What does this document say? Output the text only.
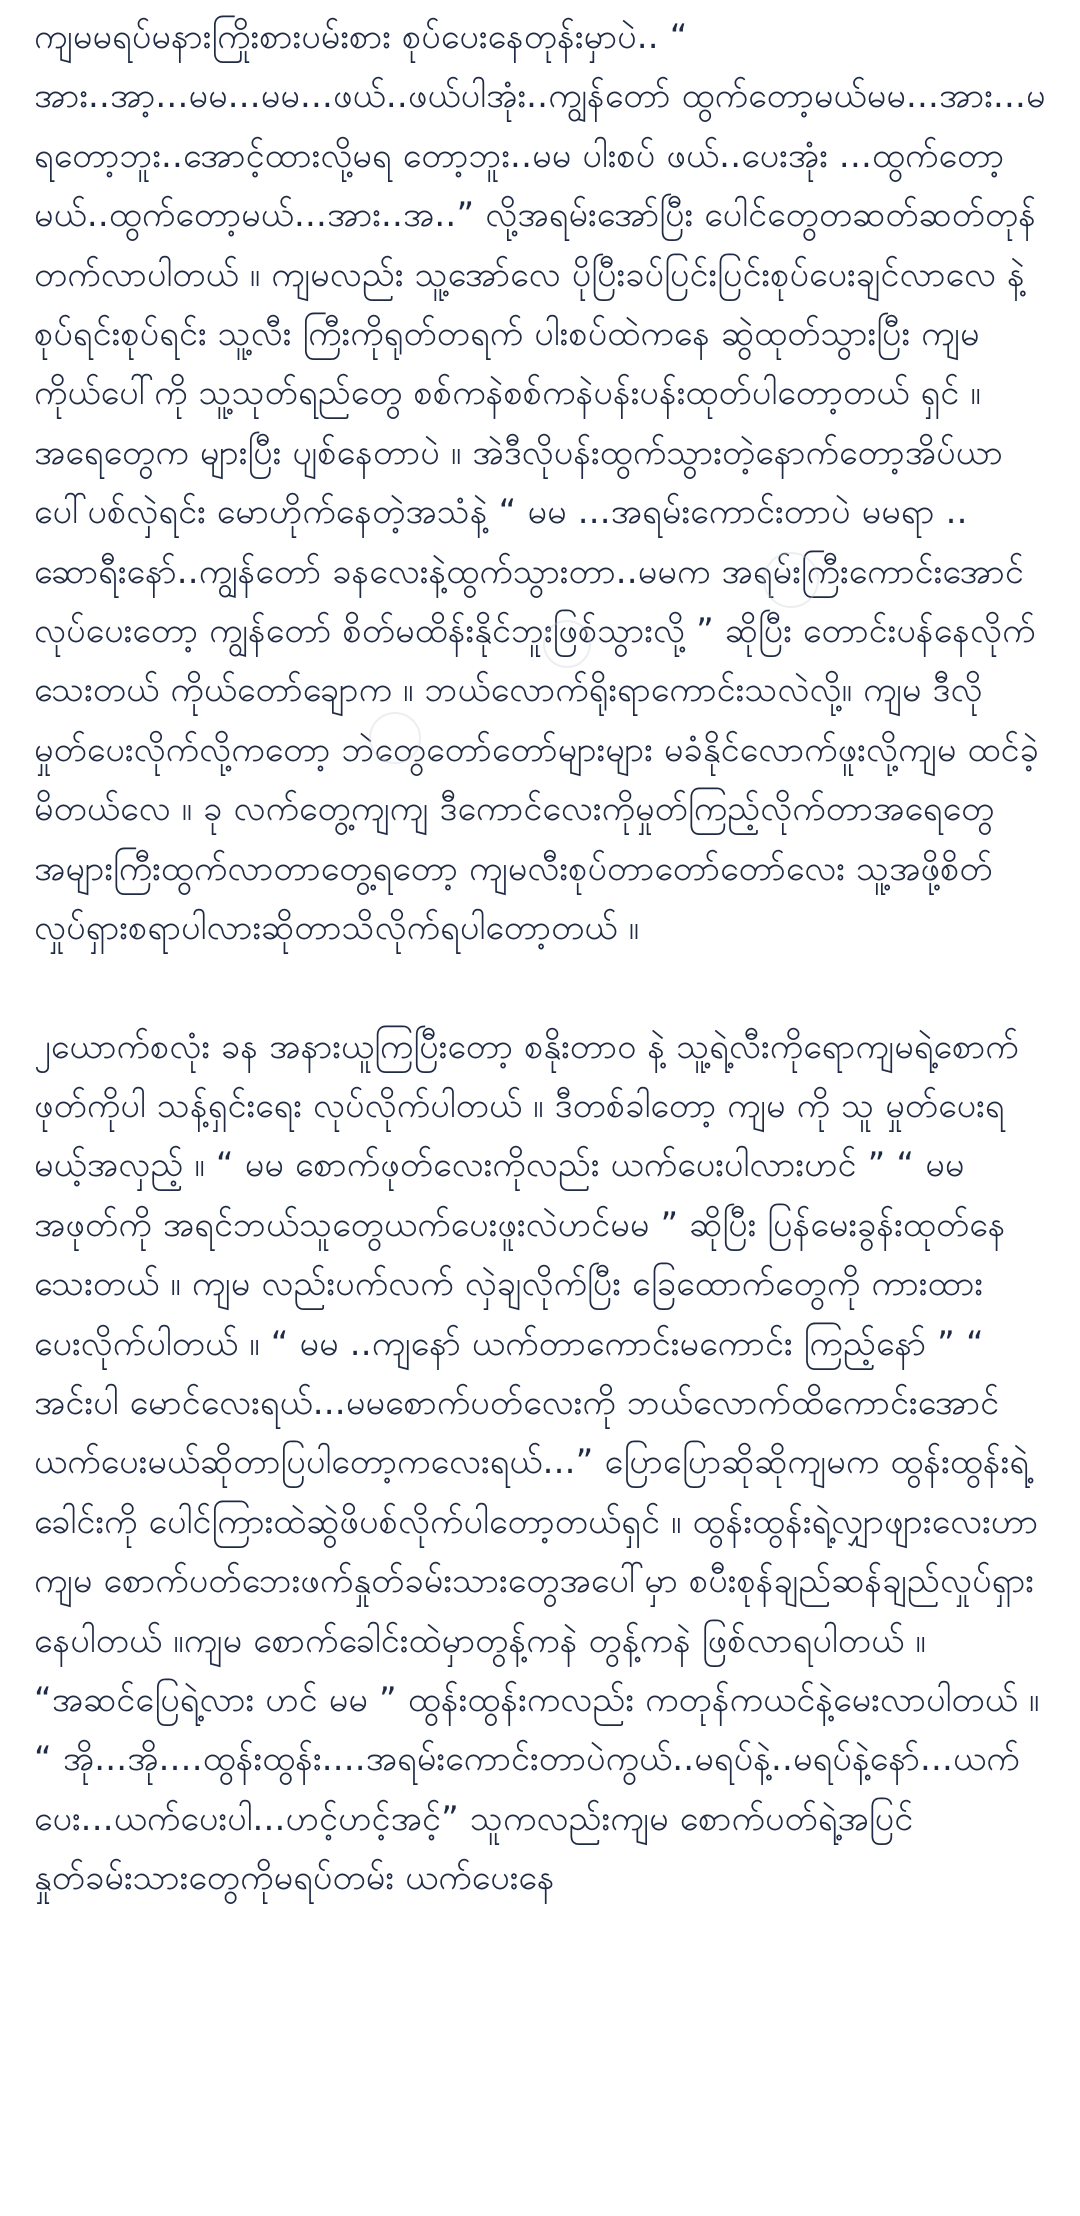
ကျမမရပ်မနားကြိုးစားပမ်းစား စုပ်ပေးနေတုန်းမှာပဲ.. “ အား..အာ့...မမ...မမ...ဖယ်..ဖယ်ပါအုံး..ကျွန်တော် ထွက်တော့မယ်မမ...အား...မရတော့ဘူး..အောင့်ထားလို့မရ တော့ဘူး..မမ ပါးစပ် ဖယ်..ပေးအုံး ...ထွက်တော့မယ်..ထွက်တော့မယ်...အား..အ..” လို့အရမ်းအော်ပြီး ပေါင်တွေတဆတ်ဆတ်တုန်တက်လာပါတယ် ။ ကျမလည်း သူ့အော်လေ ပိုပြီးခပ်ပြင်းပြင်းစုပ်ပေးချင်လာလေ နဲ့စုပ်ရင်းစုပ်ရင်း သူ့လီး ကြီးကိုရုတ်တရက် ပါးစပ်ထဲကနေ ဆွဲထုတ်သွားပြီး ကျမ ကိုယ်ပေါ်ကို သူ့သုတ်ရည်တွေ စစ်ကနဲစစ်ကနဲပန်းပန်းထုတ်ပါတော့တယ် ရှင် ။ အရေတွေက များပြီး ပျစ်နေတာပဲ ။ အဲဒီလိုပန်းထွက်သွားတဲ့နောက်တော့အိပ်ယာပေါ်ပစ်လှဲရင်း မောဟိုက်နေတဲ့အသံနဲ့ “ မမ ...အရမ်းကောင်းတာပဲ မမရာ .. ဆောရီးနော်..ကျွန်တော် ခနလေးနဲ့ထွက်သွားတာ..မမက အရမ်းကြီးကောင်းအောင်လုပ်ပေးတော့ ကျွန်တော် စိတ်မထိန်းနိုင်ဘူးဖြစ်သွားလို့ ” ဆိုပြီး တောင်းပန်နေလိုက်သေးတယ် ကိုယ်တော်ချောက ။ ဘယ်လောက်ရိုးရာကောင်းသလဲလို့။ ကျမ ဒီလို မှုတ်ပေးလိုက်လို့ကတော့ ဘဲတွေတော်တော်များများ မခံနိုင်လောက်ဖူးလို့ကျမ ထင်ခဲ့မိတယ်လေ ။ ခု လက်တွေ့ကျကျ ဒီကောင်လေးကိုမှုတ်ကြည့်လိုက်တာအရေတွေအများကြီးထွက်လာတာတွေ့ရတော့ ကျမလီးစုပ်တာတော်တော်လေး သူ့အဖို့စိတ် လှုပ်ရှားစရာပါလားဆိုတာသိလိုက်ရပါတော့တယ် ။

၂ယောက်စလုံး ခန အနားယူကြပြီးတော့ စနိုးတာ၀ နဲ့ သူ့ရဲ့လီးကိုရောကျမရဲ့စောက်ဖုတ်ကိုပါ သန့်ရှင်းရေး လုပ်လိုက်ပါတယ် ။ ဒီတစ်ခါတော့ ကျမ ကို သူ မှုတ်ပေးရမယ့်အလှည့် ။ “ မမ စောက်ဖုတ်လေးကိုလည်း ယက်ပေးပါလားဟင် ” “ မမ အဖုတ်ကို အရင်ဘယ်သူတွေယက်ပေးဖူးလဲဟင်မမ ” ဆိုပြီး ပြန်မေးခွန်းထုတ်နေသေးတယ် ။ ကျမ လည်းပက်လက် လှဲချလိုက်ပြီး ခြေထောက်တွေကို ကားထားပေးလိုက်ပါတယ် ။ “ မမ ..ကျနော် ယက်တာကောင်းမကောင်း ကြည့်နော် ” “ အင်းပါ မောင်လေးရယ်...မမစောက်ပတ်လေးကို ဘယ်လောက်ထိကောင်းအောင် ယက်ပေးမယ်ဆိုတာပြပါတော့ကလေးရယ်...” ပြောပြောဆိုဆိုကျမက ထွန်းထွန်းရဲ့ခေါင်းကို ပေါင်ကြားထဲဆွဲဖိပစ်လိုက်ပါတော့တယ်ရှင် ။ ထွန်းထွန်းရဲ့လျှာဖျားလေးဟာ ကျမ စောက်ပတ်ဘေးဖက်နှုတ်ခမ်းသားတွေအပေါ်မှာ စပီးစုန်ချည်ဆန်ချည်လှုပ်ရှားနေပါတယ် ။ကျမ စောက်ခေါင်းထဲမှာတွန့်ကနဲ တွန့်ကနဲ ဖြစ်လာရပါတယ် ။ “အဆင်ပြေရဲ့လား ဟင် မမ ” ထွန်းထွန်းကလည်း ကတုန်ကယင်နဲ့မေးလာပါတယ် ။ “ အို...အို....ထွန်းထွန်း....အရမ်းကောင်းတာပဲကွယ်..မရပ်နဲ့..မရပ်နဲ့နော်...ယက်ပေး...ယက်ပေးပါ...ဟင့်ဟင့်အင့်” သူကလည်းကျမ စောက်ပတ်ရဲ့အပြင်နှုတ်ခမ်းသားတွေကိုမရပ်တမ်း ယက်ပေးနေ
